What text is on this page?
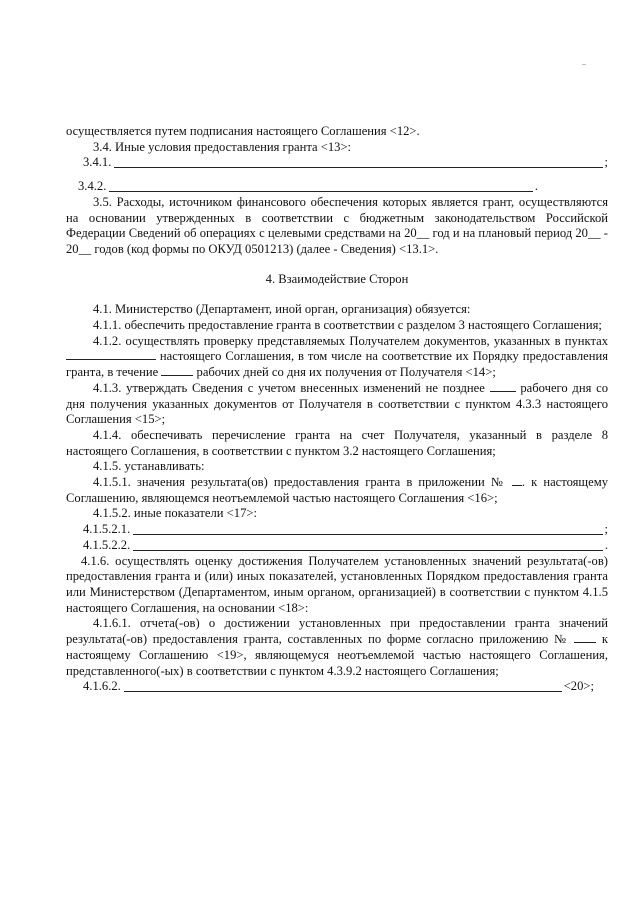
осуществляется путем подписания настоящего Соглашения <12>.

3.4. Иные условия предоставления гранта <13>:

3.4.1.	;
3.4.2.	.

3.5. Расходы, источником финансового обеспечения которых является грант, осуществляются на основании утвержденных в соответствии с бюджетным законодательством Российской Федерации Сведений об операциях с целевыми средствами на 20__ год и на плановый период 20__ - 20__ годов (код формы по ОКУД 0501213) (далее - Сведения) <13.1>.

4. Взаимодействие Сторон

4.1. Министерство (Департамент, иной орган, организация) обязуется:

4.1.1. обеспечить предоставление гранта в соответствии с разделом 3 настоящего Соглашения;

4.1.2. осуществлять проверку представляемых Получателем документов, указанных в пунктах  настоящего Соглашения, в том числе на соответствие их Порядку предоставления гранта, в течение	рабочих дней со дня их получения от Получателя <14>;

4.1.3. утверждать Сведения с учетом внесенных изменений не позднее	рабочего дня со дня получения указанных документов от Получателя в соответствии с пунктом 4.3.3 настоящего Соглашения <15>;

4.1.4. обеспечивать перечисление гранта на счет Получателя, указанный в разделе 8 настоящего Соглашения, в соответствии с пунктом 3.2 настоящего Соглашения;

4.1.5. устанавливать:

4.1.5.1. значения результата(ов) предоставления гранта в приложении № . к настоящему Соглашению, являющемся неотъемлемой частью настоящего Соглашения <16>;

4.1.5.2. иные показатели <17>:

4.1.5.2.1.	;
4.1.5.2.2.	.

4.1.6. осуществлять оценку достижения Получателем установленных значений результата(-ов) предоставления гранта и (или) иных показателей, установленных Порядком предоставления гранта или Министерством (Департаментом, иным органом, организацией) в соответствии с пунктом 4.1.5 настоящего Соглашения, на основании <18>:

4.1.6.1. отчета(-ов) о достижении установленных при предоставлении гранта значений результата(-ов) предоставления гранта, составленных по форме согласно приложению №	к настоящему Соглашению <19>, являющемуся неотъемлемой частью настоящего Соглашения, представленного(-ых) в соответствии с пунктом 4.3.9.2 настоящего Соглашения;

4.1.6.2.	<20>;
